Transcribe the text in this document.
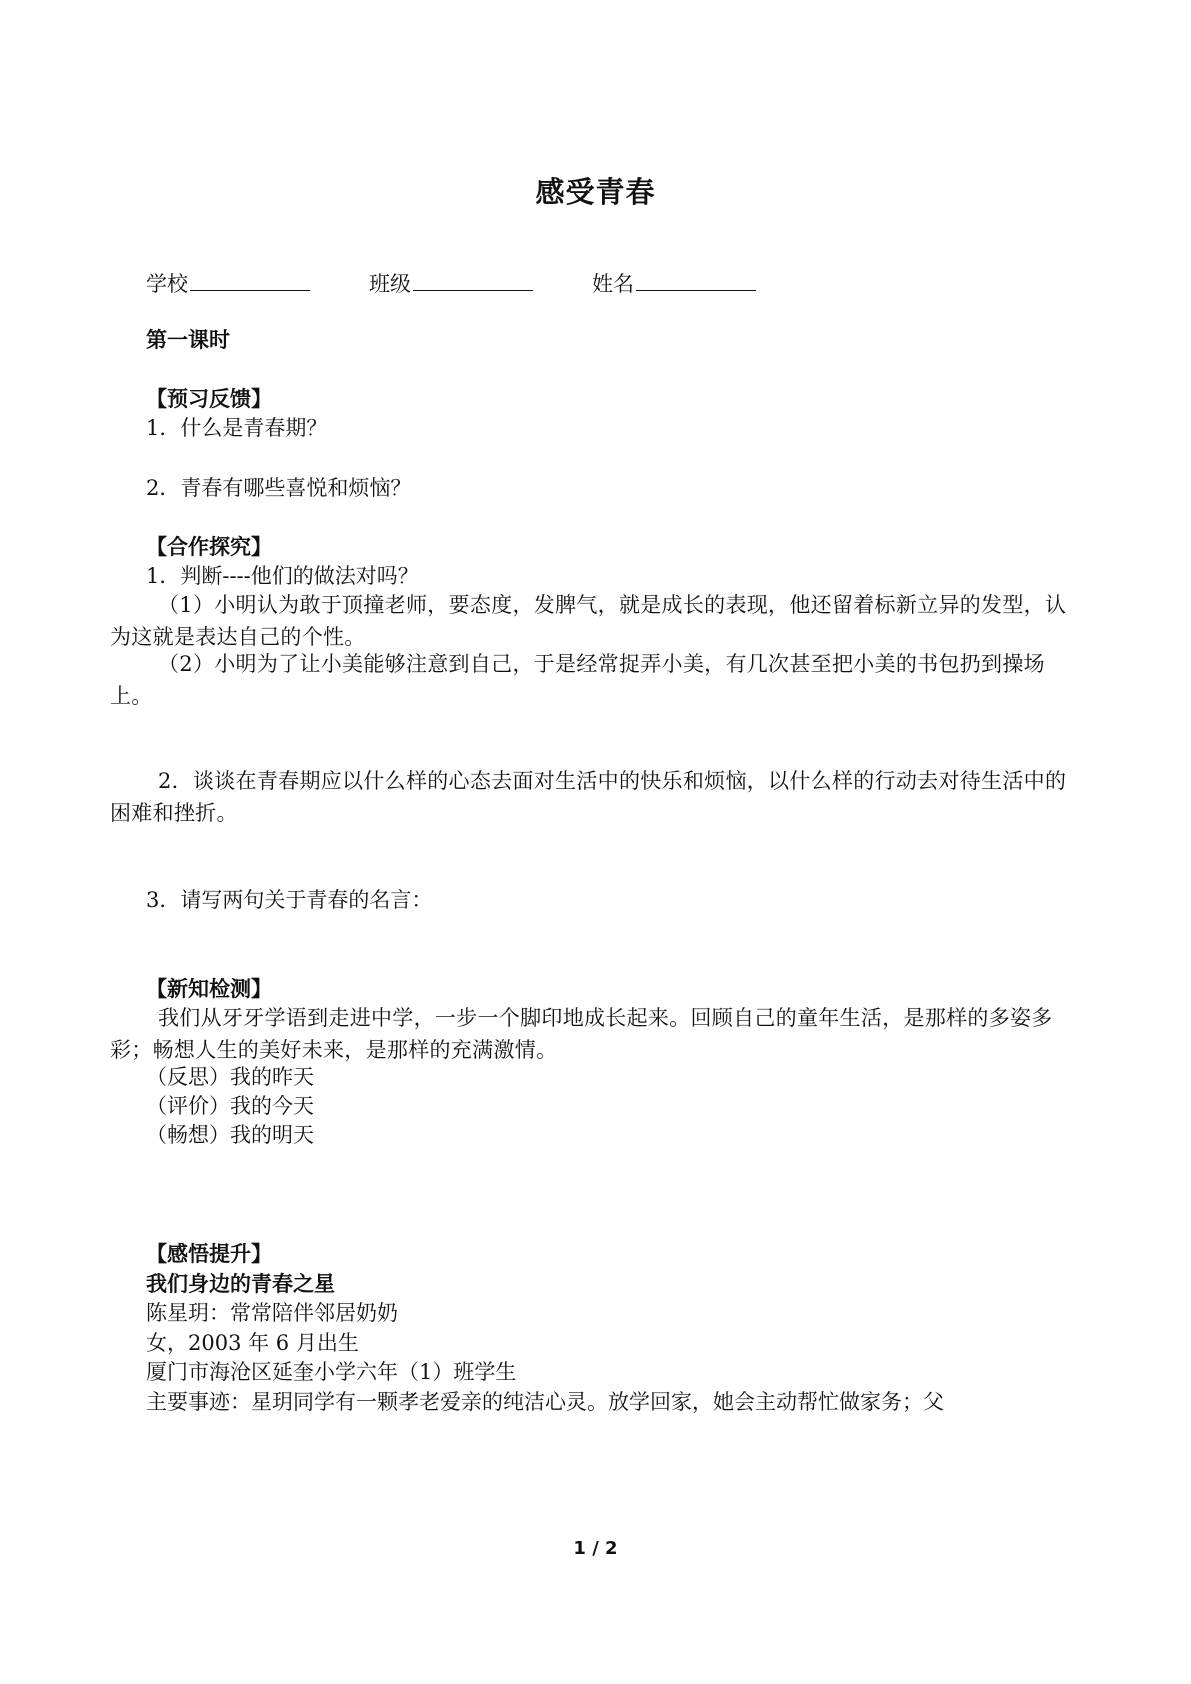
感受青春
学校	班级	姓名
第一课时
【预习反馈】
1．什么是青春期？
2．青春有哪些喜悦和烦恼？
【合作探究】
1．判断----他们的做法对吗？
（1）小明认为敢于顶撞老师，要态度，发脾气，就是成长的表现，他还留着标新立异的发型，认为这就是表达自己的个性。
（2）小明为了让小美能够注意到自己，于是经常捉弄小美，有几次甚至把小美的书包扔到操场上。
2．谈谈在青春期应以什么样的心态去面对生活中的快乐和烦恼，以什么样的行动去对待生活中的困难和挫折。
3．请写两句关于青春的名言：
【新知检测】
我们从牙牙学语到走进中学，一步一个脚印地成长起来。回顾自己的童年生活，是那样的多姿多彩；畅想人生的美好未来，是那样的充满激情。
（反思）我的昨天
（评价）我的今天
（畅想）我的明天
【感悟提升】
我们身边的青春之星
陈星玥：常常陪伴邻居奶奶
女，2003 年 6 月出生
厦门市海沧区延奎小学六年（1）班学生
主要事迹：星玥同学有一颗孝老爱亲的纯洁心灵。放学回家，她会主动帮忙做家务；父
1 / 2
